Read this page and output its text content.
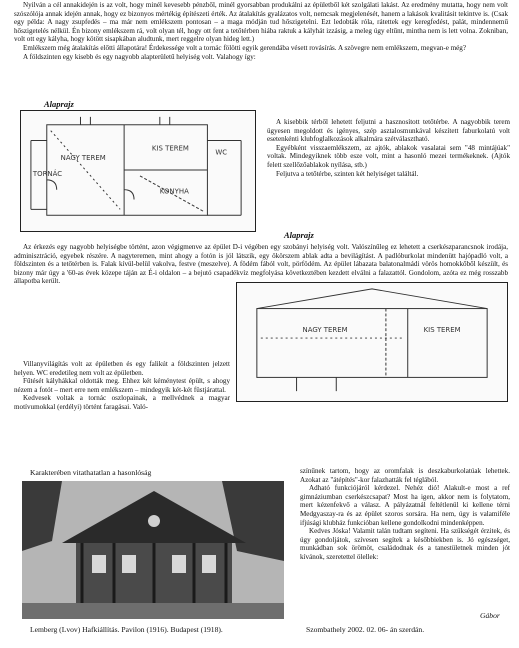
Nyilván a cél annakidején is az volt, hogy minél kevesebb pénzből, minél gyorsabban produkálni az épületből két szolgálati lakást. Az eredmény mutatta, hogy nem volt szószólója annak idején annak, hogy ez bizonyos mértékig építészeti érték. Az átalakítás gyalázatos volt, nemcsak megjelenését, hanem a lakások kvalitásit tekintve is. (Csak egy példa: A nagy zsupfedés – ma már nem emlékszem pontosan – a maga módján tud hőszigetelni. Ezt ledobták róla, rátettek egy keregfedést, palát, mindennemű hőszigetelés nélkül. Én bizony emlékszem rá, volt olyan tél, hogy ott fent a tetőtérben hiába raktuk a kályhát izzásig, a meleg úgy eltűnt, mintha nem is lett volna. Zokniban, volt ott egy kályha, hogy kötött sisapkában aludtunk, mert reggelre olyan hideg lett.)
Emlékszem még átalakítás előtti állapotára! Érdekessége volt a tornác fölötti egyik gerendába vésett rovásírás. A szövegre nem emlékszem, megvan-e még?
A földszinten egy kisebb és egy nagyobb alapterületű helyiség volt. Valahogy így:
Alaprajz
NAGY TEREM
KIS TEREM
TORNÁC
WC
KONYHA
A kisebbik térből lehetett feljutni a hasznosított tetőtérbe. A nagyobbik terem ügyesen megoldott és igényes, szép asztalosmunkával készített faburkolatú volt esetenkénti klubfoglalkozások alkalmára szétválasztható.
Egyébként visszaemlékszem, az ajtók, ablakok vasalatai sem "48 mintájúak" voltak. Mindegyiknek több esze volt, mint a hasonló mezei termékeknek. (Ajtók felett szellőzőablakok nyílása, stb.)
Feljutva a tetőtérbe, szinten két helyiséget találtál.
Alaprajz
Az érkezés egy nagyobb helyiségbe történt, azon végigmenve az épület D-i végében egy szobányi helyiség volt. Valószínűleg ez lehetett a cserkészparancsnok irodája, adminisztráció, egyebek részére. A nagyteremen, mint ahogy a fotón is jól látszik, egy ökörszem ablak adta a bevilágítást. A padlóburkolat mindenütt hajópadló volt, a földszinten és a tetőtérben is. Falak kívül-belül vakolva, festve (meszelve). A födém fából volt, pörfödém. Az épület lábazata balatonalmádi vörös homokkőből készült, és bizony már úgy a '60-as évek közepe táján az É-i oldalon – a bejutó csapadékvíz megfolyása következtében kezdett elválni a falazattól. Gondolom, azóta ez még rosszabb állapotba került.
NAGY TEREM	KIS TEREM
Villanyvilágítás volt az épületben és egy falikút a földszinten jelzett helyen. WC eredetileg nem volt az épületben.
Fűtését kályhákkal oldották meg. Ehhez két kéménytest épült, s ahogy nézem a fotót – mert erre nem emlékszem – mindegyik két-két füstjárattal.
Kedvesek voltak a tornác oszlopainak, a mellvédnek a magyar motívumokkal (erdélyi) történt faragásai. Való-
Karakterében vitathatatlan a hasonlóság
Lemberg (Lvov) Hafkiállítás. Pavilon (1916). Budapest (1918).
színűnek tartom, hogy az oromfalak is deszkaburkolatúak lehettek. Azokat az "átépítés"-kor falazhatták fel téglából.
Adható funkciójáról kérdezel. Nehéz dió! Alakult-e most a ref gimnáziumban cserkészcsapat? Most ha igen, akkor nem is folytatom, mert kézenfekvő a válasz. A pályázatnál feltétlenül ki kellene térni Medgyaszay-ra és az épület szoros sorsára. Ha nem, úgy is valamiféle ifjúsági klubház funkcióban kellene gondolkodni mindenképpen.
Kedves Jóska! Valamit talán tudtam segíteni. Ha szükségét érzitek, és úgy gondoljátok, szívesen segítek a későbbiekben is. Jó egészséget, munkádban sok örömöt, családodnak és a tanestületnek minden jót kívánok, szeretettel ölellek:
Gábor
Szombathely 2002. 02. 06- án szerdán.
